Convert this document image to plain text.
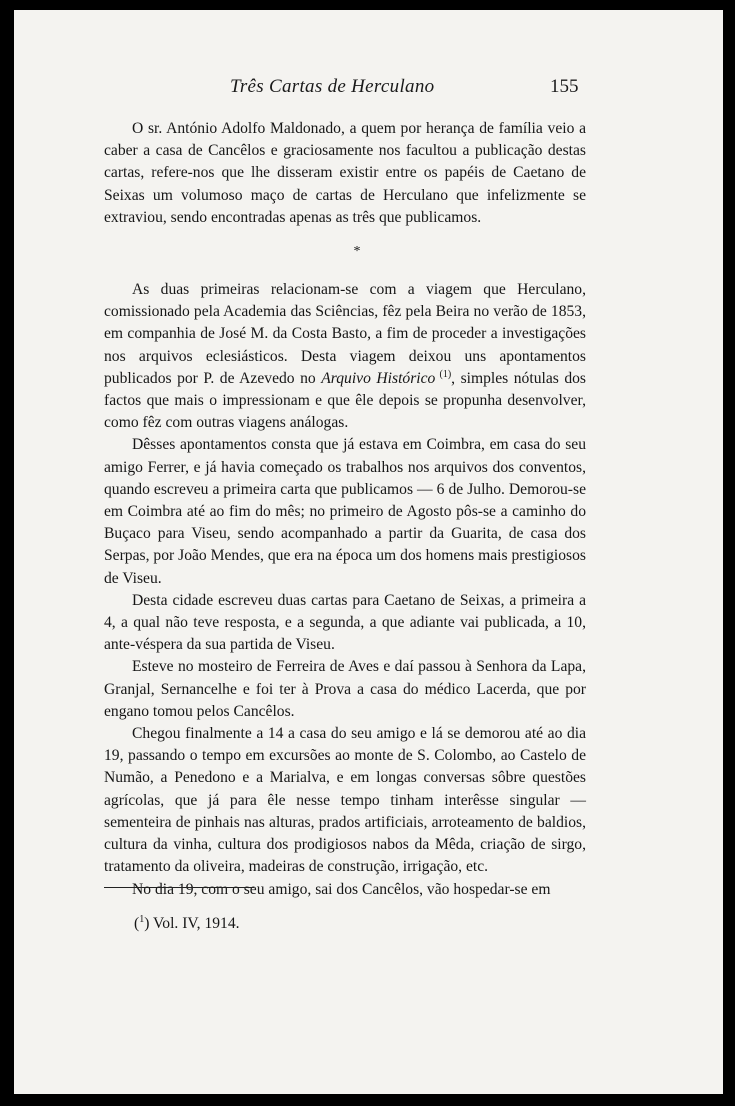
Três Cartas de Herculano	155

O sr. António Adolfo Maldonado, a quem por herança de família veio a caber a casa de Cancêlos e graciosamente nos facultou a publicação destas cartas, refere-nos que lhe disseram existir entre os papéis de Caetano de Seixas um volumoso maço de cartas de Herculano que infelizmente se extraviou, sendo encontradas apenas as três que publicamos.

*

As duas primeiras relacionam-se com a viagem que Herculano, comissionado pela Academia das Sciências, fêz pela Beira no verão de 1853, em companhia de José M. da Costa Basto, a fim de proceder a investigações nos arquivos eclesiásticos. Desta viagem deixou uns apontamentos publicados por P. de Azevedo no Arquivo Histórico $^{(1)}$, simples nótulas dos factos que mais o impressionam e que êle depois se propunha desenvolver, como fêz com outras viagens análogas.

Dêsses apontamentos consta que já estava em Coimbra, em casa do seu amigo Ferrer, e já havia começado os trabalhos nos arquivos dos conventos, quando escreveu a primeira carta que publicamos — 6 de Julho. Demorou-se em Coimbra até ao fim do mês; no primeiro de Agosto pôs-se a caminho do Buçaco para Viseu, sendo acompanhado a partir da Guarita, de casa dos Serpas, por João Mendes, que era na época um dos homens mais prestigiosos de Viseu.

Desta cidade escreveu duas cartas para Caetano de Seixas, a primeira a 4, a qual não teve resposta, e a segunda, a que adiante vai publicada, a 10, ante-véspera da sua partida de Viseu.

Esteve no mosteiro de Ferreira de Aves e daí passou à Senhora da Lapa, Granjal, Sernancelhe e foi ter à Prova a casa do médico Lacerda, que por engano tomou pelos Cancêlos.

Chegou finalmente a 14 a casa do seu amigo e lá se demorou até ao dia 19, passando o tempo em excursões ao monte de S. Colombo, ao Castelo de Numão, a Penedono e a Marialva, e em longas conversas sôbre questões agrícolas, que já para êle nesse tempo tinham interêsse singular — sementeira de pinhais nas alturas, prados artificiais, arroteamento de baldios, cultura da vinha, cultura dos prodigiosos nabos da Mêda, criação de sirgo, tratamento da oliveira, madeiras de construção, irrigação, etc.

No dia 19, com o seu amigo, sai dos Cancêlos, vão hospedar-se em

($^1$) Vol. IV, 1914.
